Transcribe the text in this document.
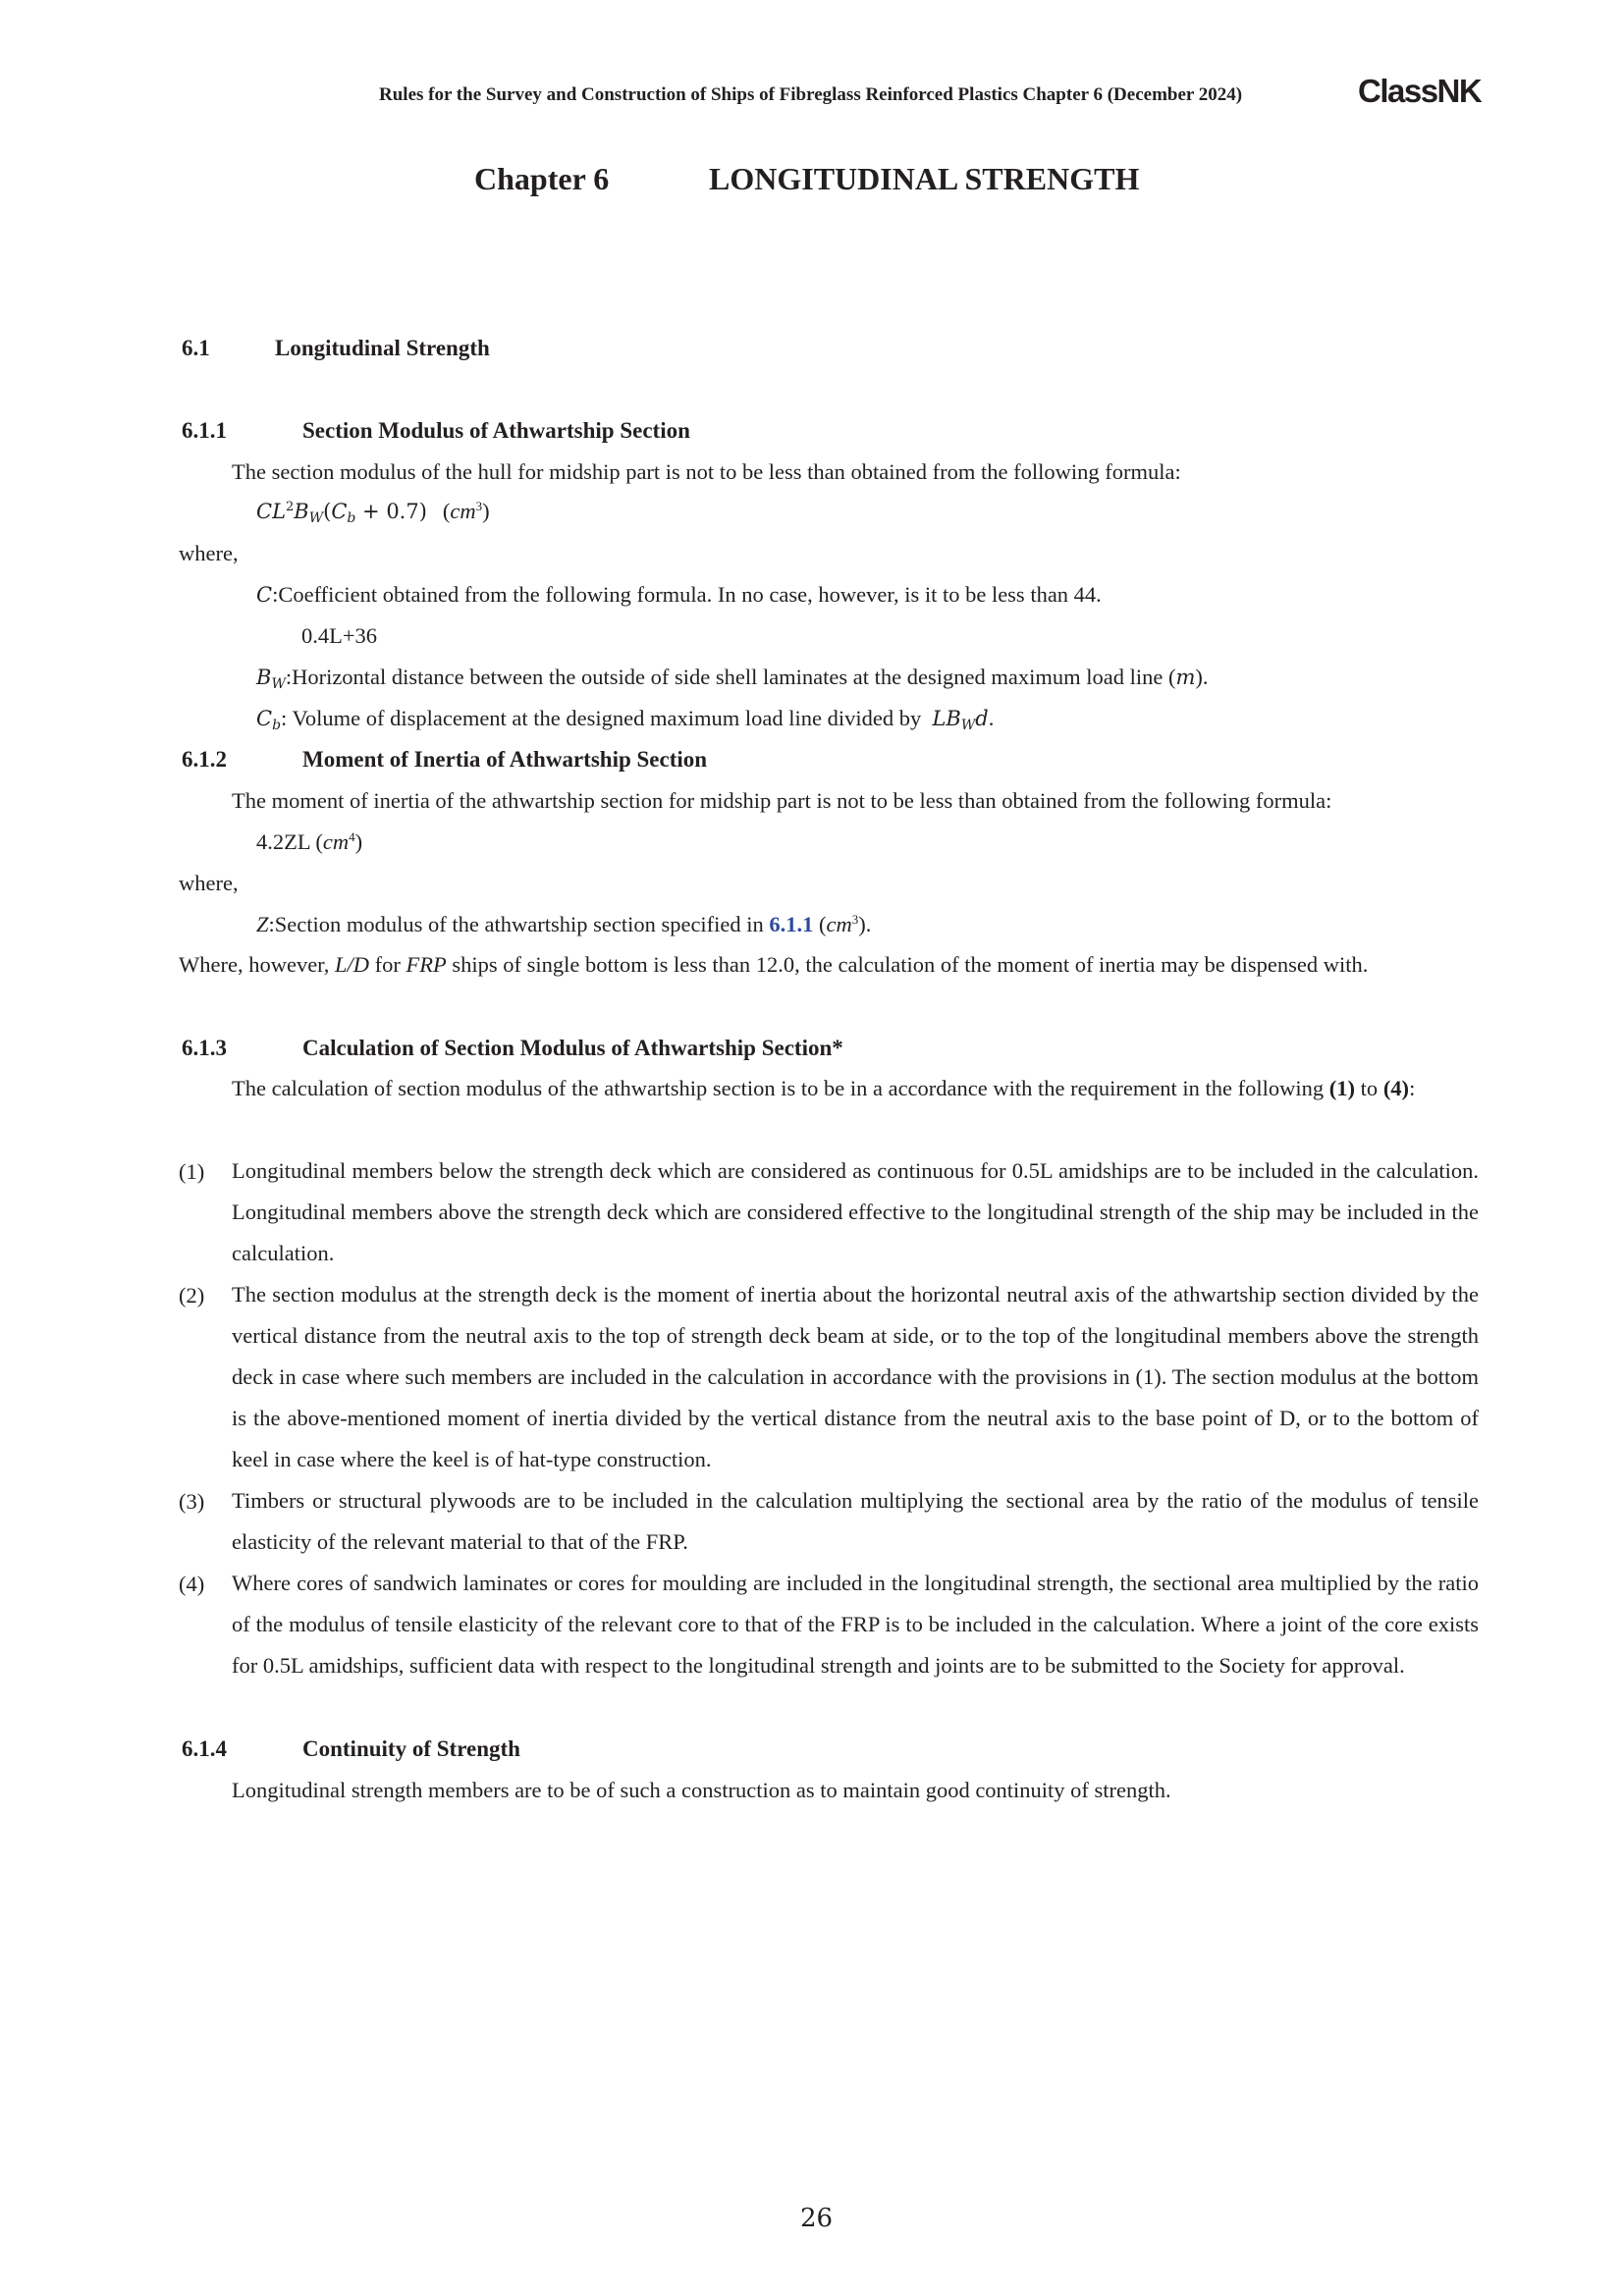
Rules for the Survey and Construction of Ships of Fibreglass Reinforced Plastics Chapter 6 (December 2024)	ClassNK
Chapter 6	LONGITUDINAL STRENGTH
6.1	Longitudinal Strength
6.1.1	Section Modulus of Athwartship Section
The section modulus of the hull for midship part is not to be less than obtained from the following formula:
$CL^2B_W(C_b + 0.7)$ $(cm^3)$
where,
C:Coefficient obtained from the following formula. In no case, however, is it to be less than 44.
0.4L+36
$B_W:Horizontal$ distance between the outside of side shell laminates at the designed maximum load line (m).
$C_b$: Volume of displacement at the designed maximum load line divided by $LB_Wd$.
6.1.2	Moment of Inertia of Athwartship Section
The moment of inertia of the athwartship section for midship part is not to be less than obtained from the following formula:
4.2ZL $(cm^4)$
where,
Z:Section modulus of the athwartship section specified in 6.1.1 $(cm^3)$.
Where, however, L/D for FRP ships of single bottom is less than 12.0, the calculation of the moment of inertia may be dispensed with.
6.1.3	Calculation of Section Modulus of Athwartship Section*
The calculation of section modulus of the athwartship section is to be in a accordance with the requirement in the following (1) to (4):
(1) Longitudinal members below the strength deck which are considered as continuous for 0.5L amidships are to be included in the calculation. Longitudinal members above the strength deck which are considered effective to the longitudinal strength of the ship may be included in the calculation.
(2) The section modulus at the strength deck is the moment of inertia about the horizontal neutral axis of the athwartship section divided by the vertical distance from the neutral axis to the top of strength deck beam at side, or to the top of the longitudinal members above the strength deck in case where such members are included in the calculation in accordance with the provisions in (1). The section modulus at the bottom is the above-mentioned moment of inertia divided by the vertical distance from the neutral axis to the base point of D, or to the bottom of keel in case where the keel is of hat-type construction.
(3) Timbers or structural plywoods are to be included in the calculation multiplying the sectional area by the ratio of the modulus of tensile elasticity of the relevant material to that of the FRP.
(4) Where cores of sandwich laminates or cores for moulding are included in the longitudinal strength, the sectional area multiplied by the ratio of the modulus of tensile elasticity of the relevant core to that of the FRP is to be included in the calculation. Where a joint of the core exists for 0.5L amidships, sufficient data with respect to the longitudinal strength and joints are to be submitted to the Society for approval.
6.1.4	Continuity of Strength
Longitudinal strength members are to be of such a construction as to maintain good continuity of strength.
26
